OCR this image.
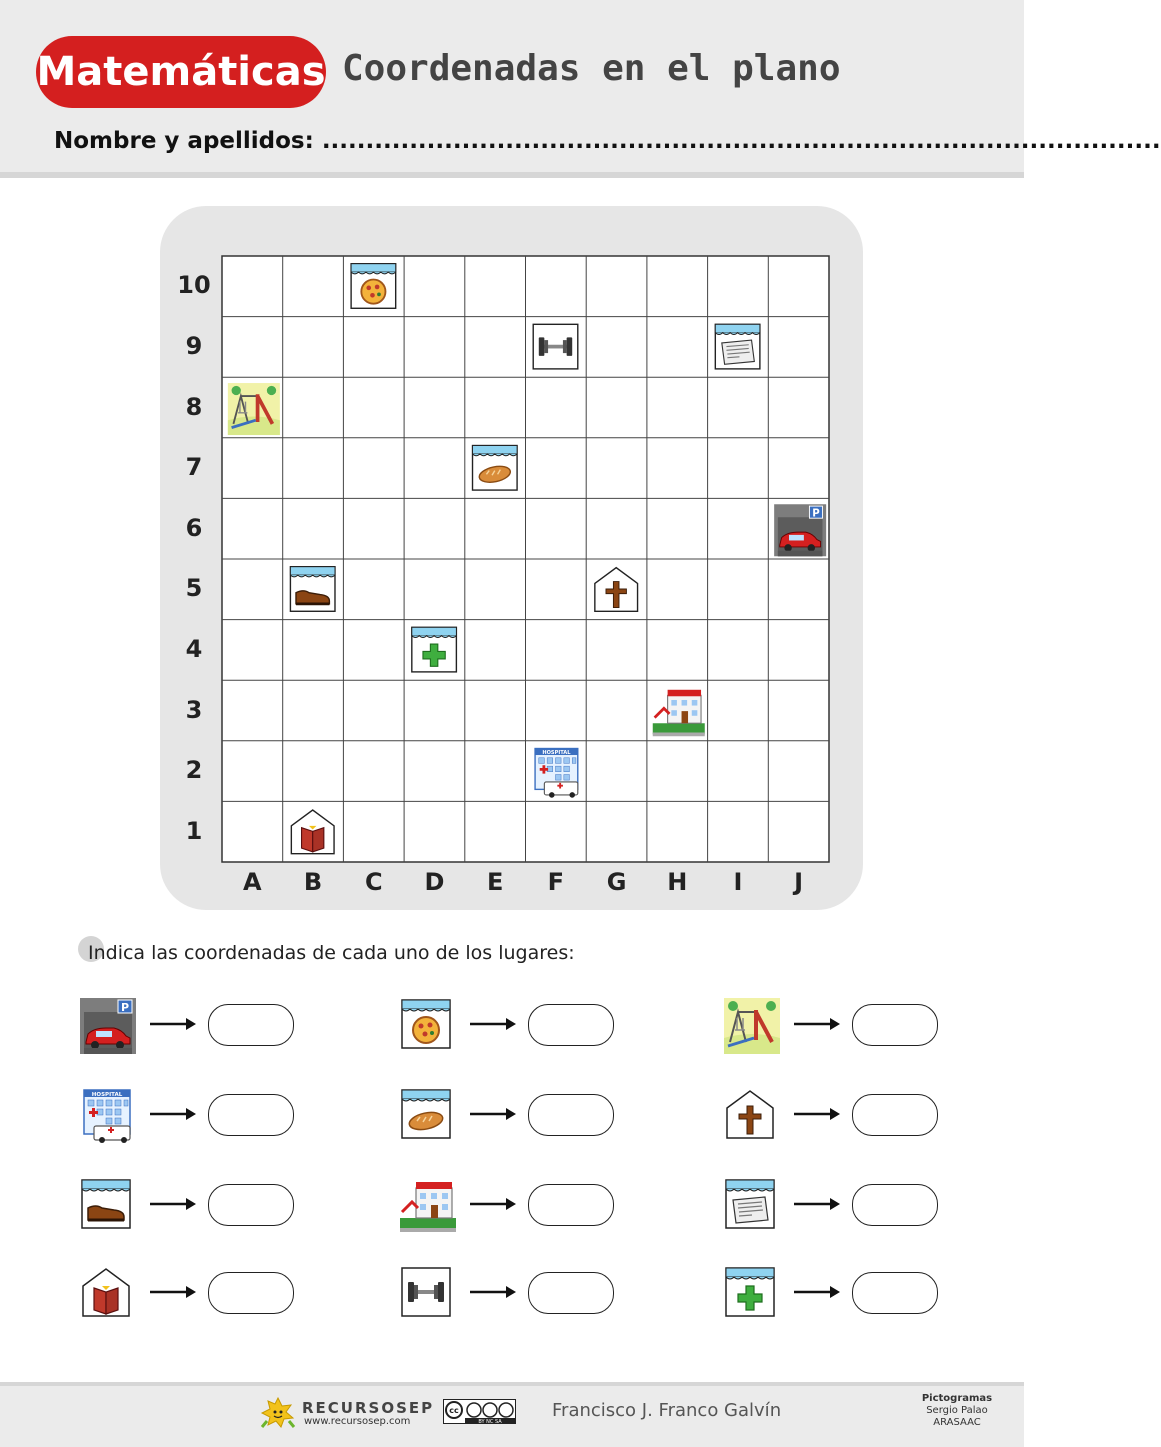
Matemáticas Coordenadas en el plano
Nombre y apellidos: ................................................................................................
P
HOSPITAL
10
9
8
7
6
5
4
3
2
1
A	B	C	D	E	F	G	H	I	J
Indica las coordenadas de cada uno de los lugares:
P
HOSPITAL
RECURSOSEP
www.recursosep.com
cc
BY NC SA
Francisco J. Franco Galvín
Pictogramas
Sergio Palao
ARASAAC
